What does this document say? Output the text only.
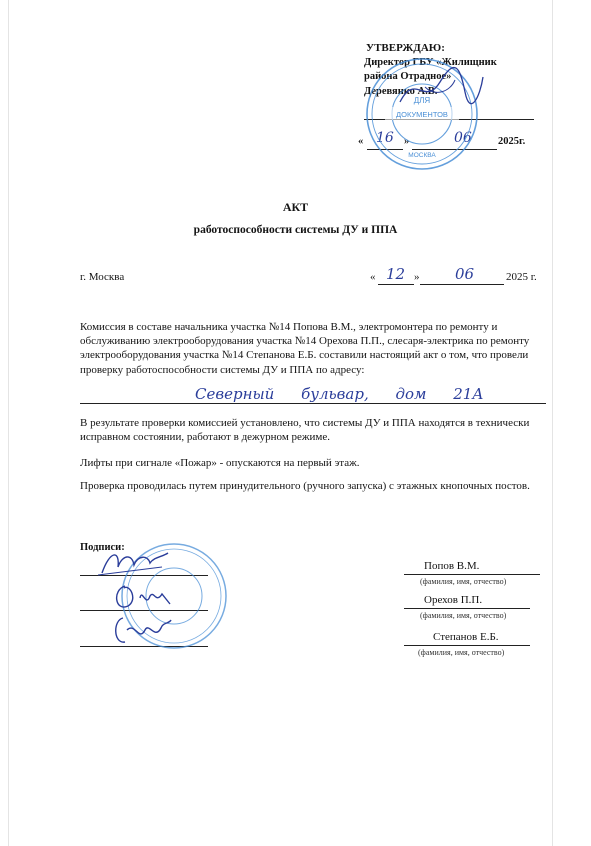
УТВЕРЖДАЮ:
Директор ГБУ «Жилищник
района Отрадное»
Деревянко А.В.
« 16 »	06 2025г.
ДЛЯ
ДОКУМЕНТОВ
МОСКВА
АКТ
работоспособности системы ДУ и ППА
г. Москва	« 12 » 06	2025 г.
Комиссия в составе начальника участка №14 Попова В.М., электромонтера по ремонту и обслуживанию электрооборудования участка №14 Орехова П.П., слесаря-электрика по ремонту электрооборудования участка №14 Степанова Е.Б. составили настоящий акт о том, что провели проверку работоспособности системы ДУ и ППА по адресу:
Северный бульвар, дом 21А
В результате проверки комиссией установлено, что системы ДУ и ППА находятся в технически исправном состоянии, работают в дежурном режиме.
Лифты при сигнале «Пожар» - опускаются на первый этаж.
Проверка проводилась путем принудительного (ручного запуска) с этажных кнопочных постов.
Подписи:
Попов В.М.
(фамилия, имя, отчество)
Орехов П.П.
(фамилия, имя, отчество)
Степанов Е.Б.
(фамилия, имя, отчество)
